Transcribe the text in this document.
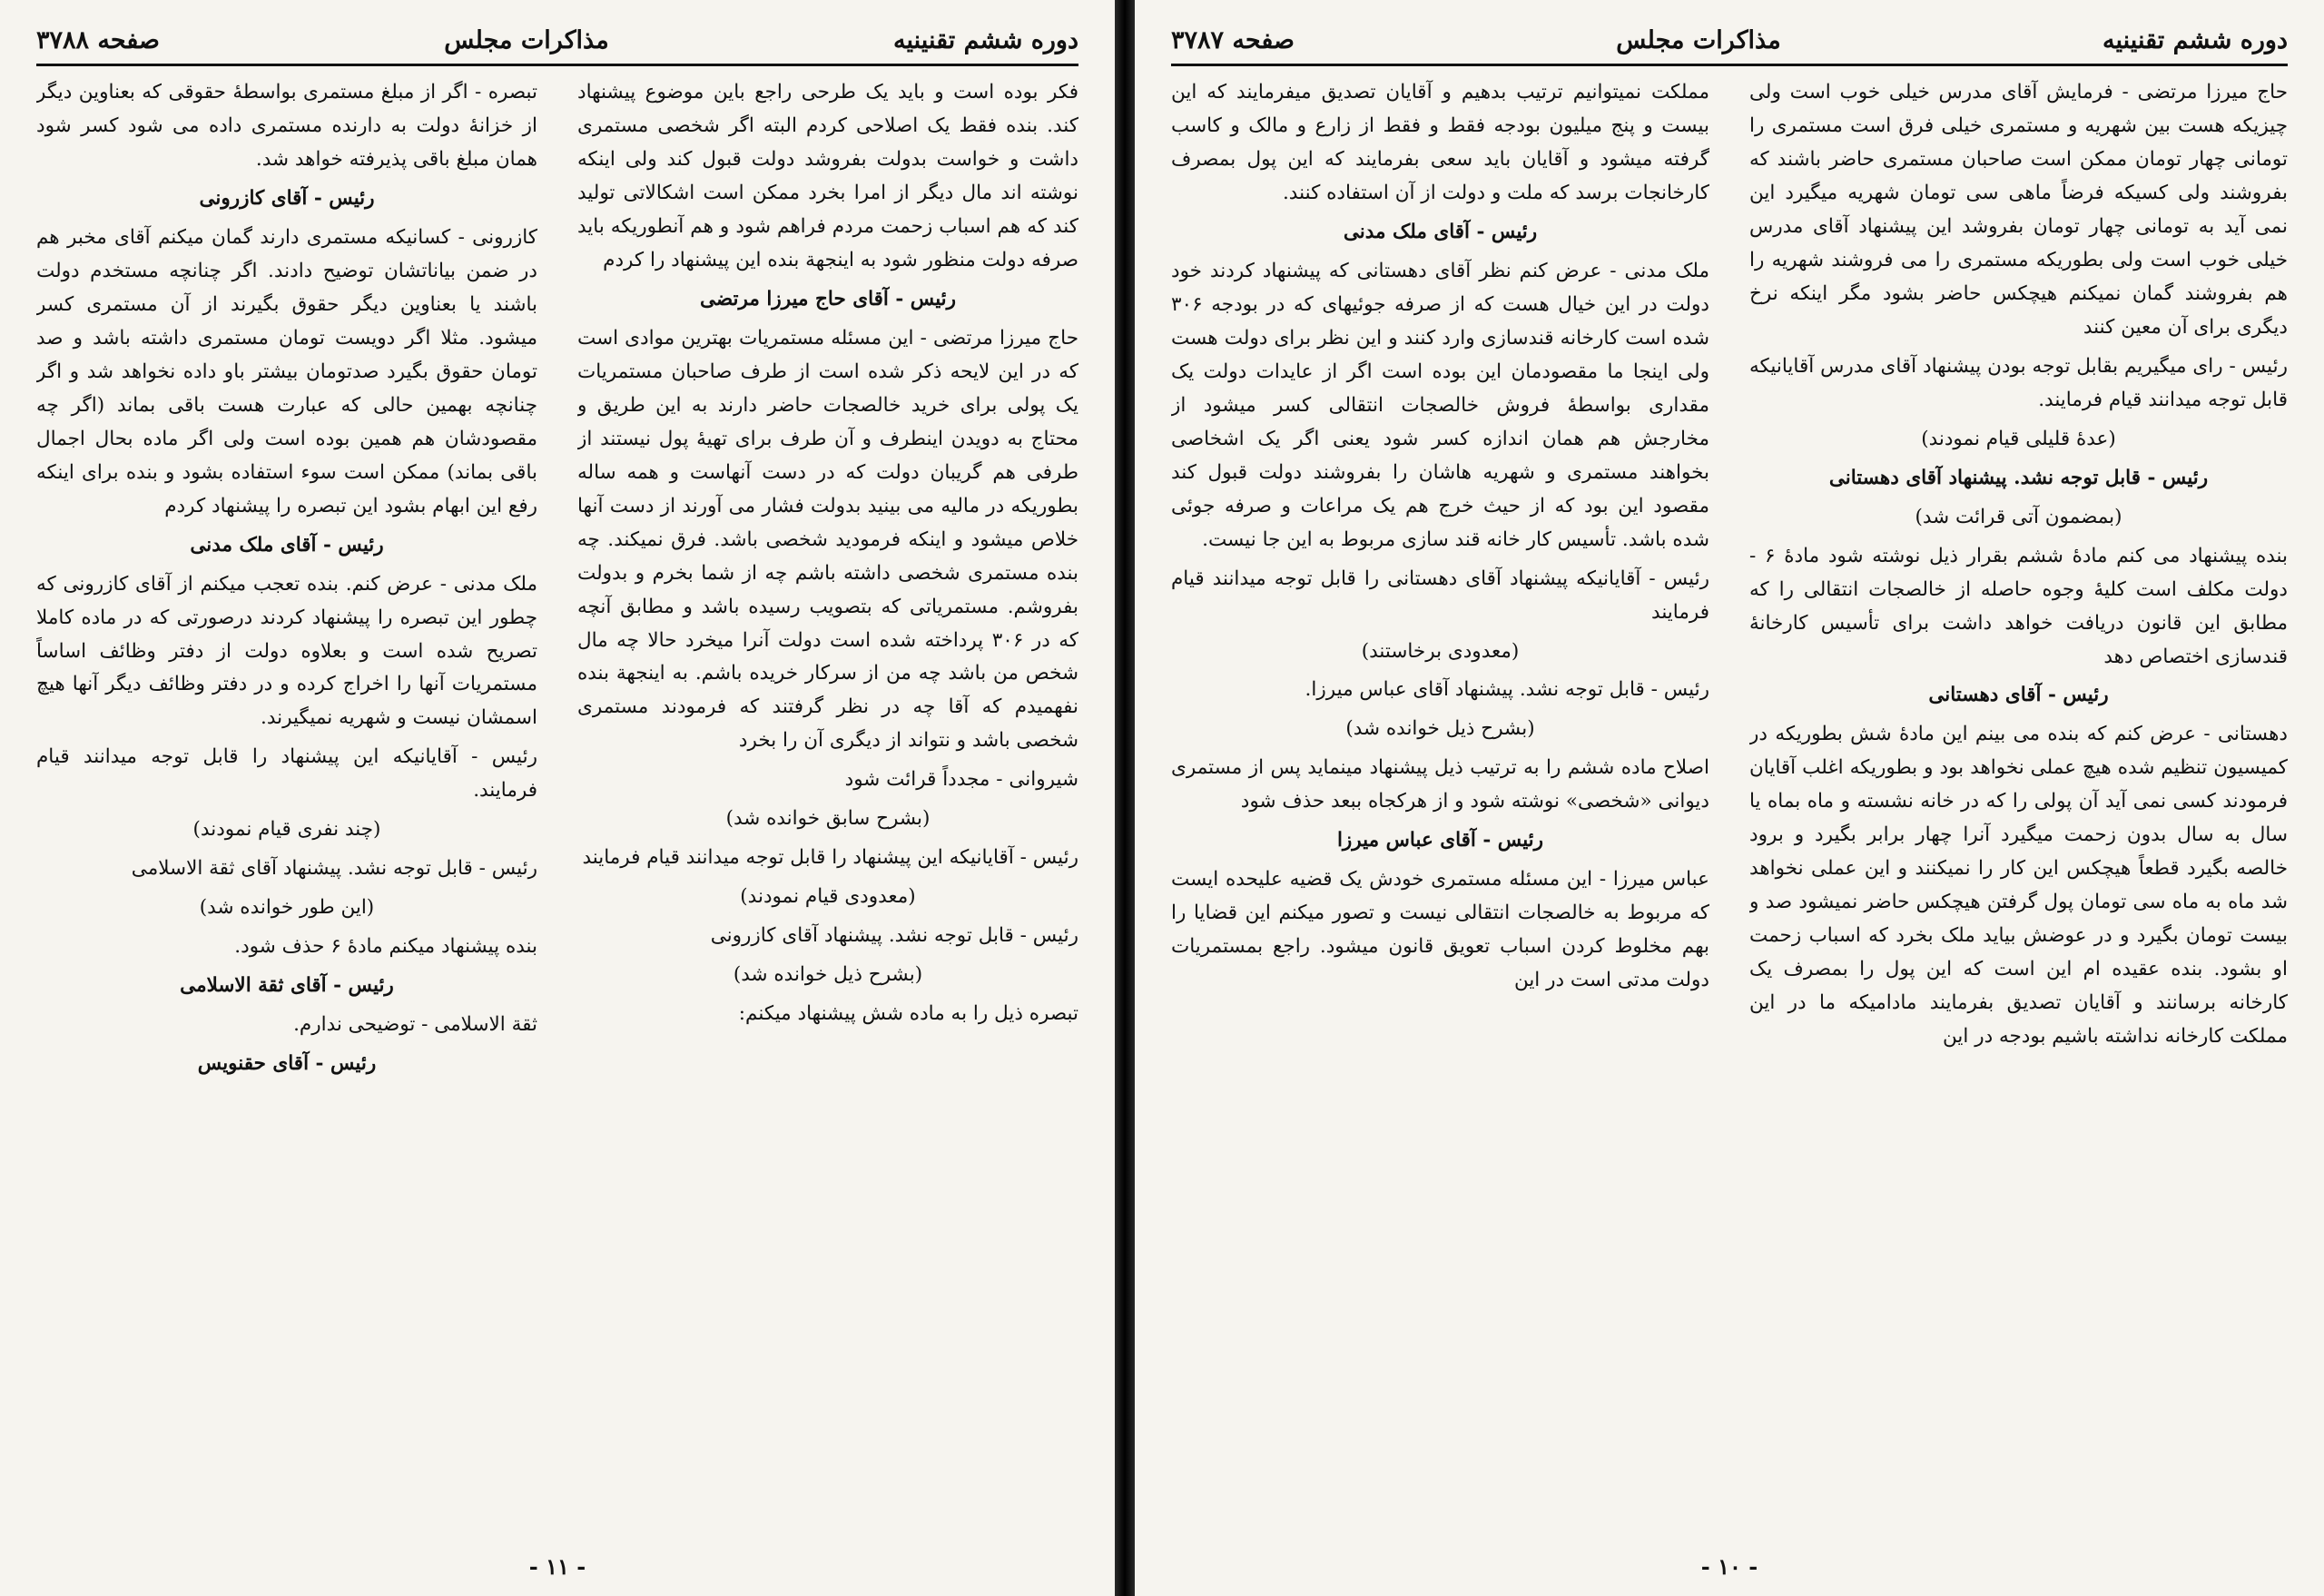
دوره ششم تقنینیه
مذاکرات مجلس
صفحه ۳۷۸۸

فکر بوده است و باید یک طرحی راجع باین موضوع پیشنهاد کند. بنده فقط یک اصلاحی کردم البته اگر شخصی مستمری داشت و خواست بدولت بفروشد دولت قبول کند ولی اینکه نوشته اند مال دیگر از امرا بخرد ممکن است اشکالاتی تولید کند که هم اسباب زحمت مردم فراهم شود و هم آنطوریکه باید صرفه دولت منظور شود به اینجهة بنده این پیشنهاد را کردم

رئیس - آقای حاج میرزا مرتضی

حاج میرزا مرتضی - این مسئله مستمریات بهترین موادی است که در این لایحه ذکر شده است از طرف صاحبان مستمریات یک پولی برای خرید خالصجات حاضر دارند به این طریق و محتاج به دویدن اینطرف و آن طرف برای تهیهٔ پول نیستند از طرفی هم گریبان دولت که در دست آنهاست و همه ساله بطوریکه در مالیه می بینید بدولت فشار می آورند از دست آنها خلاص میشود و اینکه فرمودید شخصی باشد. فرق نمیکند. چه بنده مستمری شخصی داشته باشم چه از شما بخرم و بدولت بفروشم. مستمریاتی که بتصویب رسیده باشد و مطابق آنچه که در ۳۰۶ پرداخته شده است دولت آنرا میخرد حالا چه مال شخص من باشد چه من از سرکار خریده باشم. به اینجهة بنده نفهمیدم که آقا چه در نظر گرفتند که فرمودند مستمری شخصی باشد و نتواند از دیگری آن را بخرد

شیروانی - مجدداً قرائت شود

(بشرح سابق خوانده شد)

رئیس - آقایانیکه این پیشنهاد را قابل توجه میدانند قیام فرمایند

(معدودی قیام نمودند)

رئیس - قابل توجه نشد. پیشنهاد آقای کازرونی

(بشرح ذیل خوانده شد)

تبصره ذیل را به ماده شش پیشنهاد میکنم:

تبصره - اگر از مبلغ مستمری بواسطهٔ حقوقی که بعناوین دیگر از خزانهٔ دولت به دارنده مستمری داده می شود کسر شود همان مبلغ باقی پذیرفته خواهد شد.

رئیس - آقای کازرونی

کازرونی - کسانیکه مستمری دارند گمان میکنم آقای مخبر هم در ضمن بیاناتشان توضیح دادند. اگر چنانچه مستخدم دولت باشند یا بعناوین دیگر حقوق بگیرند از آن مستمری کسر میشود. مثلا اگر دویست تومان مستمری داشته باشد و صد تومان حقوق بگیرد صدتومان بیشتر باو داده نخواهد شد و اگر چنانچه بهمین حالی که عبارت هست باقی بماند (اگر چه مقصودشان هم همین بوده است ولی اگر ماده بحال اجمال باقی بماند) ممکن است سوء استفاده بشود و بنده برای اینکه رفع این ابهام بشود این تبصره را پیشنهاد کردم

رئیس - آقای ملک مدنی

ملک مدنی - عرض کنم. بنده تعجب میکنم از آقای کازرونی که چطور این تبصره را پیشنهاد کردند درصورتی که در ماده کاملا تصریح شده است و بعلاوه دولت از دفتر وظائف اساساً مستمریات آنها را اخراج کرده و در دفتر وظائف دیگر آنها هیچ اسمشان نیست و شهریه نمیگیرند.

رئیس - آقایانیکه این پیشنهاد را قابل توجه میدانند قیام فرمایند.

(چند نفری قیام نمودند)

رئیس - قابل توجه نشد. پیشنهاد آقای ثقة الاسلامی

(این طور خوانده شد)

بنده پیشنهاد میکنم مادهٔ ۶ حذف شود.

رئیس - آقای ثقة الاسلامی

ثقة الاسلامی - توضیحی ندارم.

رئیس - آقای حقنویس

- ۱۱ -
دوره ششم تقنینیه
مذاکرات مجلس
صفحه ۳۷۸۷

حاج میرزا مرتضی - فرمایش آقای مدرس خیلی خوب است ولی چیزیکه هست بین شهریه و مستمری خیلی فرق است مستمری را تومانی چهار تومان ممکن است صاحبان مستمری حاضر باشند که بفروشند ولی کسیکه فرضاً ماهی سی تومان شهریه میگیرد این نمی آید به تومانی چهار تومان بفروشد این پیشنهاد آقای مدرس خیلی خوب است ولی بطوریکه مستمری را می فروشند شهریه را هم بفروشند گمان نمیکنم هیچکس حاضر بشود مگر اینکه نرخ دیگری برای آن معین کنند

رئیس - رای میگیریم بقابل توجه بودن پیشنهاد آقای مدرس آقایانیکه قابل توجه میدانند قیام فرمایند.

(عدهٔ قلیلی قیام نمودند)

رئیس - قابل توجه نشد. پیشنهاد آقای دهستانی

(بمضمون آتی قرائت شد)

بنده پیشنهاد می کنم مادهٔ ششم بقرار ذیل نوشته شود مادهٔ ۶ - دولت مکلف است کلیهٔ وجوه حاصله از خالصجات انتقالی را که مطابق این قانون دریافت خواهد داشت برای تأسیس کارخانهٔ قندسازی اختصاص دهد

رئیس - آقای دهستانی

دهستانی - عرض کنم که بنده می بینم این مادهٔ شش بطوریکه در کمیسیون تنظیم شده هیچ عملی نخواهد بود و بطوریکه اغلب آقایان فرمودند کسی نمی آید آن پولی را که در خانه نشسته و ماه بماه یا سال به سال بدون زحمت میگیرد آنرا چهار برابر بگیرد و برود خالصه بگیرد قطعاً هیچکس این کار را نمیکنند و این عملی نخواهد شد ماه به ماه سی تومان پول گرفتن هیچکس حاضر نمیشود صد و بیست تومان بگیرد و در عوضش بیاید ملک بخرد که اسباب زحمت او بشود. بنده عقیده ام این است که این پول را بمصرف یک کارخانه برسانند و آقایان تصدیق بفرمایند مادامیکه ما در این مملکت کارخانه نداشته باشیم بودجه در این

مملکت نمیتوانیم ترتیب بدهیم و آقایان تصدیق میفرمایند که این بیست و پنج میلیون بودجه فقط و فقط از زارع و مالک و کاسب گرفته میشود و آقایان باید سعی بفرمایند که این پول بمصرف کارخانجات برسد که ملت و دولت از آن استفاده کنند.

رئیس - آقای ملک مدنی

ملک مدنی - عرض کنم نظر آقای دهستانی که پیشنهاد کردند خود دولت در این خیال هست که از صرفه جوئیهای که در بودجه ۳۰۶ شده است کارخانه قندسازی وارد کنند و این نظر برای دولت هست ولی اینجا ما مقصودمان این بوده است اگر از عایدات دولت یک مقداری بواسطهٔ فروش خالصجات انتقالی کسر میشود از مخارجش هم همان اندازه کسر شود یعنی اگر یک اشخاصی بخواهند مستمری و شهریه هاشان را بفروشند دولت قبول کند مقصود این بود که از حیث خرج هم یک مراعات و صرفه جوئی شده باشد. تأسیس کار خانه قند سازی مربوط به این جا نیست.

رئیس - آقایانیکه پیشنهاد آقای دهستانی را قابل توجه میدانند قیام فرمایند

(معدودی برخاستند)

رئیس - قابل توجه نشد. پیشنهاد آقای عباس میرزا.

(بشرح ذیل خوانده شد)

اصلاح ماده ششم را به ترتیب ذیل پیشنهاد مینماید پس از مستمری دیوانی «شخصی» نوشته شود و از هرکجاه ببعد حذف شود

رئیس - آقای عباس میرزا

عباس میرزا - این مسئله مستمری خودش یک قضیه علیحده ایست که مربوط به خالصجات انتقالی نیست و تصور میکنم این قضایا را بهم مخلوط کردن اسباب تعویق قانون میشود. راجع بمستمریات دولت مدتی است در این

- ۱۰ -
